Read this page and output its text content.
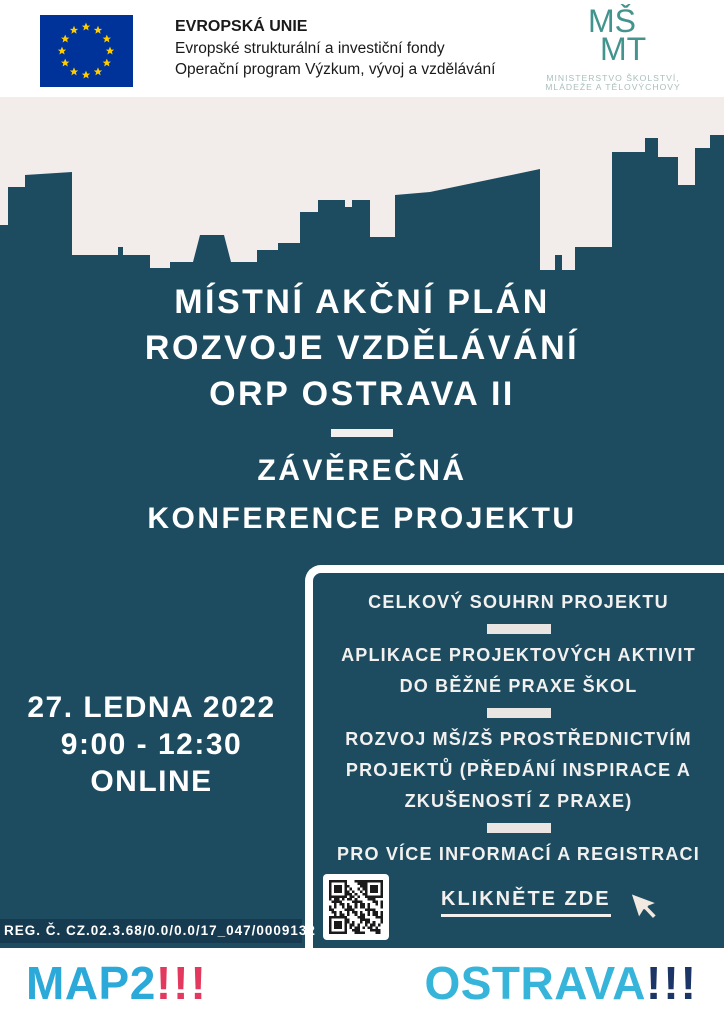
EVROPSKÁ UNIE
Evropské strukturální a investiční fondy
Operační program Výzkum, vývoj a vzdělávání
MŠ
MT
MINISTERSTVO ŠKOLSTVÍ,
MLÁDEŽE A TĚLOVÝCHOVY
MÍSTNÍ AKČNÍ PLÁN
ROZVOJE VZDĚLÁVÁNÍ
ORP OSTRAVA II
ZÁVĚREČNÁ
KONFERENCE PROJEKTU
27. LEDNA 2022
9:00 - 12:30
ONLINE
CELKOVÝ SOUHRN PROJEKTU
APLIKACE PROJEKTOVÝCH AKTIVIT
DO BĚŽNÉ PRAXE ŠKOL
ROZVOJ MŠ/ZŠ PROSTŘEDNICTVÍM
PROJEKTŮ (PŘEDÁNÍ INSPIRACE A
ZKUŠENOSTÍ Z PRAXE)
PRO VÍCE INFORMACÍ A REGISTRACI
KLIKNĚTE ZDE
REG. Č. CZ.02.3.68/0.0/0.0/17_047/0009132
MAP2!!!	OSTRAVA!!!
